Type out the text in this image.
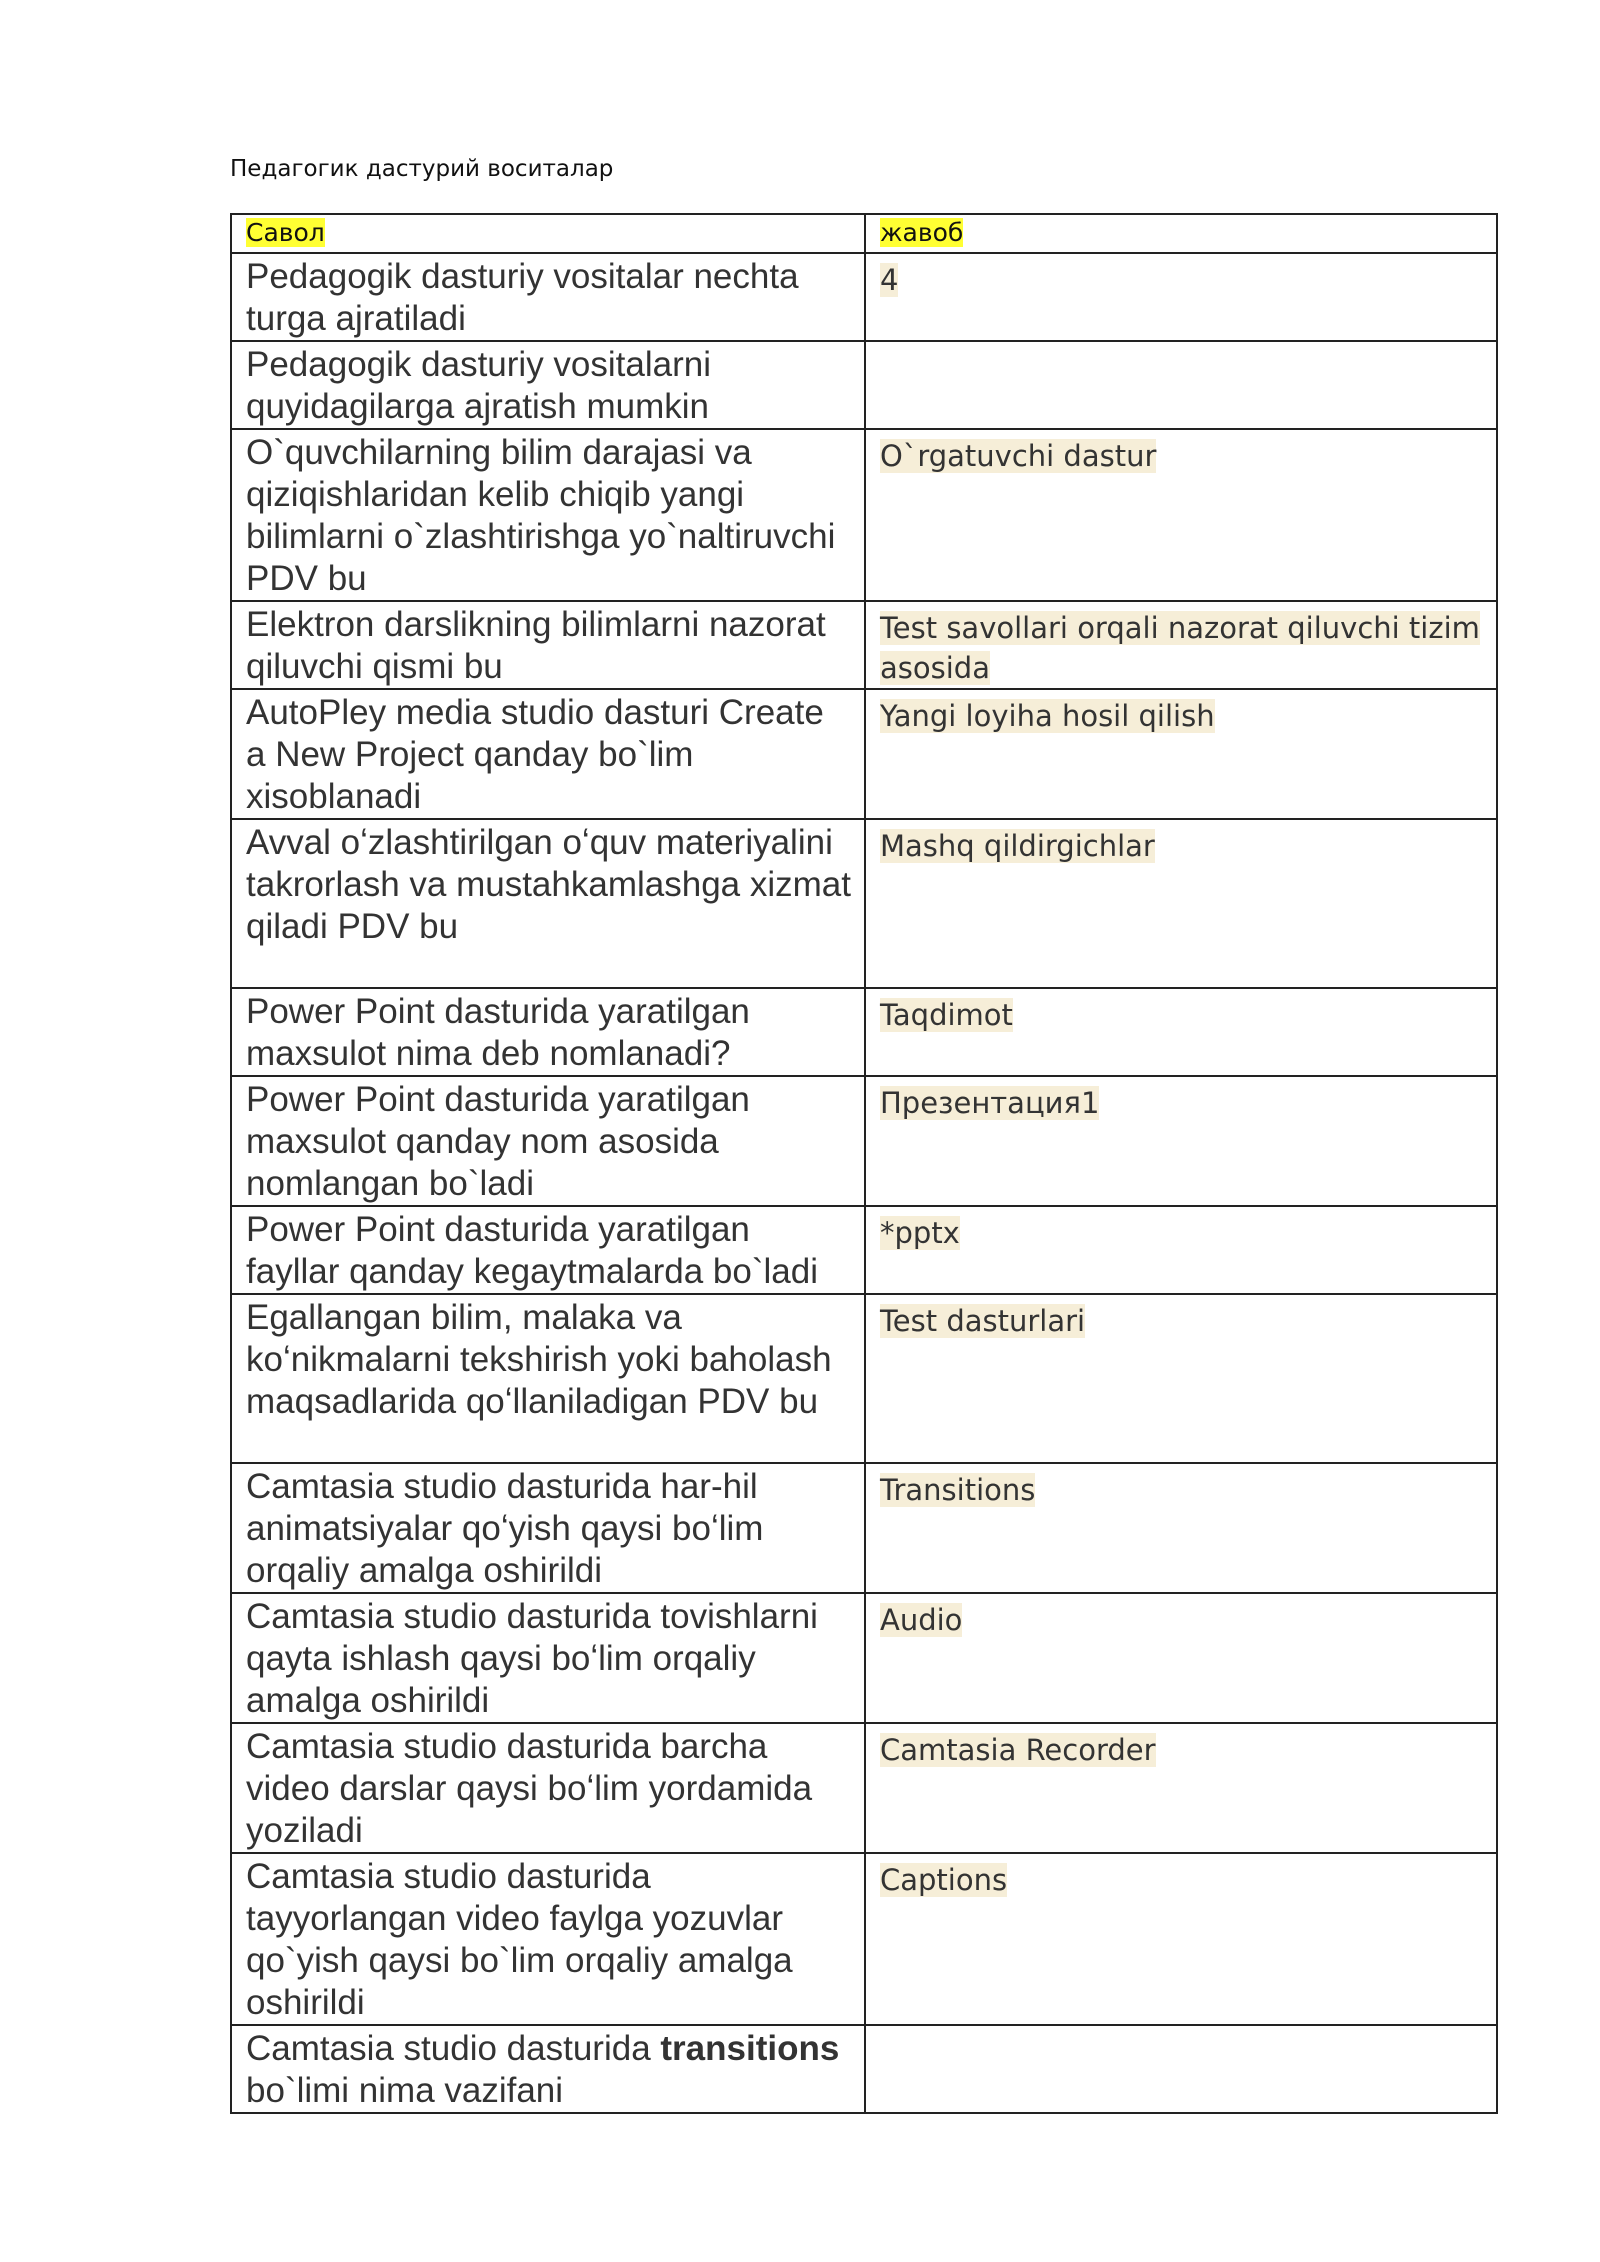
Педагогик дастурий воситалар
Савол	жавоб
Pedagogik dasturiy vositalar nechta turga ajratiladi	4
Pedagogik dasturiy vositalarni quyidagilarga ajratish mumkin	
O`quvchilarning bilim darajasi va qiziqishlaridan kelib chiqib yangi bilimlarni o`zlashtirishga yo`naltiruvchi PDV bu	O`rgatuvchi dastur
Elektron darslikning bilimlarni nazorat qiluvchi qismi bu	Test savollari orqali nazorat qiluvchi tizim asosida
AutoPley media studio dasturi Create a New Project qanday bo`lim xisoblanadi	Yangi loyiha hosil qilish
Avval oʻzlashtirilgan oʻquv materiyalini takrorlash va mustahkamlashga xizmat qiladi PDV bu	Mashq qildirgichlar
Power Point dasturida yaratilgan maxsulot nima deb nomlanadi?	Taqdimot
Power Point dasturida yaratilgan maxsulot qanday nom asosida nomlangan bo`ladi	Презентация1
Power Point dasturida yaratilgan fayllar qanday kegaytmalarda bo`ladi	*pptx
Egallangan bilim, malaka va koʻnikmalarni tekshirish yoki baholash maqsadlarida qoʻllaniladigan PDV bu	Test dasturlari
Camtasia studio dasturida har-hil animatsiyalar qoʻyish qaysi boʻlim orqaliy amalga oshirildi	Transitions
Camtasia studio dasturida tovishlarni qayta ishlash qaysi boʻlim orqaliy amalga oshirildi	Audio
Camtasia studio dasturida barcha video darslar qaysi boʻlim yordamida yoziladi	Camtasia Recorder
Camtasia studio dasturida tayyorlangan video faylga yozuvlar qo`yish qaysi bo`lim orqaliy amalga oshirildi	Captions
Camtasia studio dasturida transitions bo`limi nima vazifani	
